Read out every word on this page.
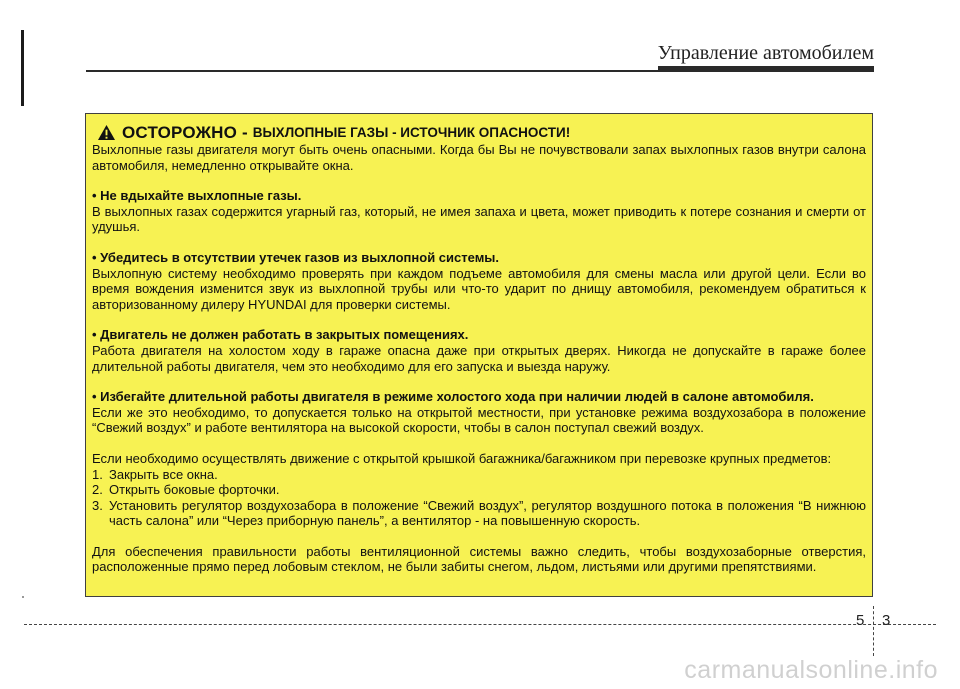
Управление автомобилем
ОСТОРОЖНО - ВЫХЛОПНЫЕ ГАЗЫ - ИСТОЧНИК ОПАСНОСТИ!

Выхлопные газы двигателя могут быть очень опасными. Когда бы Вы не почувствовали запах выхлопных газов внутри салона автомобиля, немедленно открывайте окна.

• Не вдыхайте выхлопные газы.

В выхлопных газах содержится угарный газ, который, не имея запаха и цвета, может приводить к потере сознания и смерти от удушья.

• Убедитесь в отсутствии утечек газов из выхлопной системы.

Выхлопную систему необходимо проверять при каждом подъеме автомобиля для смены масла или другой цели. Если во время вождения изменится звук из выхлопной трубы или что-то ударит по днищу автомобиля, рекомендуем обратиться к авторизованному дилеру HYUNDAI для проверки системы.

• Двигатель не должен работать в закрытых помещениях.

Работа двигателя на холостом ходу в гараже опасна даже при открытых дверях. Никогда не допускайте в гараже более длительной работы двигателя, чем это необходимо для его запуска и выезда наружу.

• Избегайте длительной работы двигателя в режиме холостого хода при наличии людей в салоне автомобиля.

Если же это необходимо, то допускается только на открытой местности, при установке режима воздухозабора в положение “Свежий воздух” и работе вентилятора на высокой скорости, чтобы в салон поступал свежий воздух.

Если необходимо осуществлять движение с открытой крышкой багажника/багажником при перевозке крупных предметов:

1. Закрыть все окна.
2. Открыть боковые форточки.
3. Установить регулятор воздухозабора в положение “Свежий воздух”, регулятор воздушного потока в положения “В нижнюю часть салона” или “Через приборную панель”, а вентилятор - на повышенную скорость.

Для обеспечения правильности работы вентиляционной системы важно следить, чтобы воздухозаборные отверстия, расположенные прямо перед лобовым стеклом, не были забиты снегом, льдом, листьями или другими препятствиями.

5 3
carmanualsonline.info
